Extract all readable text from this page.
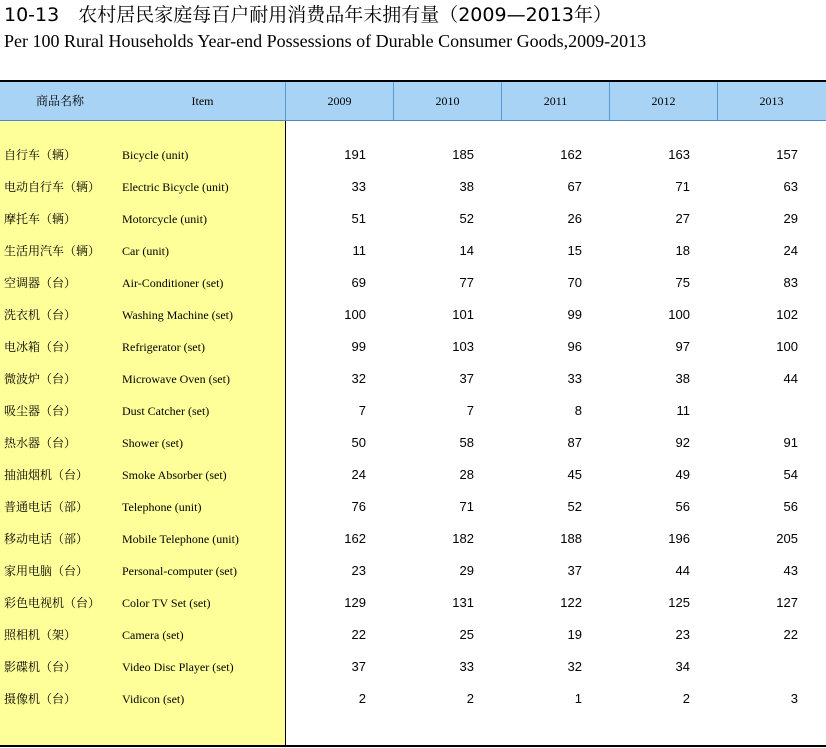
10-13　农村居民家庭每百户耐用消费品年末拥有量（2009—2013年）
Per 100 Rural Households Year-end Possessions of Durable Consumer Goods,2009-2013
商品名称	Item	2009	2010	2011	2012	2013
自行车（辆）	Bicycle (unit)	191	185	162	163	157
电动自行车（辆） Electric Bicycle (unit)	33	38	67	71	63
摩托车（辆）	Motorcycle (unit)	51	52	26	27	29
生活用汽车（辆） Car (unit)	11	14	15	18	24
空调器（台）	Air-Conditioner (set)	69	77	70	75	83
洗衣机（台）	Washing Machine (set)	100	101	99	100	102
电冰箱（台）	Refrigerator (set)	99	103	96	97	100
微波炉（台）	Microwave Oven (set)	32	37	33	38	44
吸尘器（台）	Dust Catcher (set)	7	7	8	11
热水器（台）	Shower (set)	50	58	87	92	91
抽油烟机（台）	Smoke Absorber (set)	24	28	45	49	54
普通电话（部）	Telephone (unit)	76	71	52	56	56
移动电话（部）	Mobile Telephone (unit)	162	182	188	196	205
家用电脑（台）	Personal-computer (set)	23	29	37	44	43
彩色电视机（台） Color TV Set (set)	129	131	122	125	127
照相机（架）	Camera (set)	22	25	19	23	22
影碟机（台）	Video Disc Player (set)	37	33	32	34
摄像机（台）	Vidicon (set)	2	2	1	2	3
